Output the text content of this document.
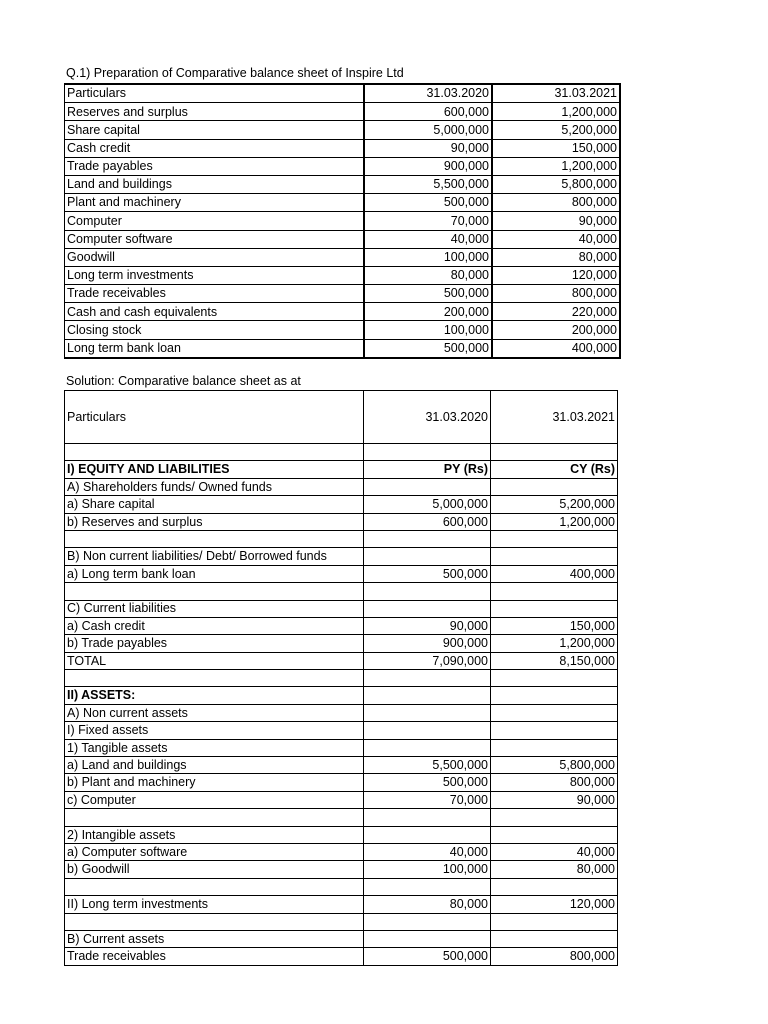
Q.1) Preparation of Comparative balance sheet of Inspire Ltd
Particulars	31.03.2020	31.03.2021
Reserves and surplus	600,000	1,200,000
Share capital	5,000,000	5,200,000
Cash credit	90,000	150,000
Trade payables	900,000	1,200,000
Land and buildings	5,500,000	5,800,000
Plant and machinery	500,000	800,000
Computer	70,000	90,000
Computer software	40,000	40,000
Goodwill	100,000	80,000
Long term investments	80,000	120,000
Trade receivables	500,000	800,000
Cash and cash equivalents	200,000	220,000
Closing stock	100,000	200,000
Long term bank loan	500,000	400,000
Solution: Comparative balance sheet as at
Particulars	31.03.2020	31.03.2021

I) EQUITY AND LIABILITIES	PY (Rs)	CY (Rs)
A) Shareholders funds/ Owned funds		
a) Share capital	5,000,000	5,200,000
b) Reserves and surplus	600,000	1,200,000

B) Non current liabilities/ Debt/ Borrowed funds		
a) Long term bank loan	500,000	400,000

C) Current liabilities		
a) Cash credit	90,000	150,000
b) Trade payables	900,000	1,200,000
TOTAL	7,090,000	8,150,000

II) ASSETS:		
A) Non current assets		
I) Fixed assets		
1) Tangible assets		
a) Land and buildings	5,500,000	5,800,000
b) Plant and machinery	500,000	800,000
c) Computer	70,000	90,000

2) Intangible assets		
a) Computer software	40,000	40,000
b) Goodwill	100,000	80,000

II) Long term investments	80,000	120,000

B) Current assets		
Trade receivables	500,000	800,000
